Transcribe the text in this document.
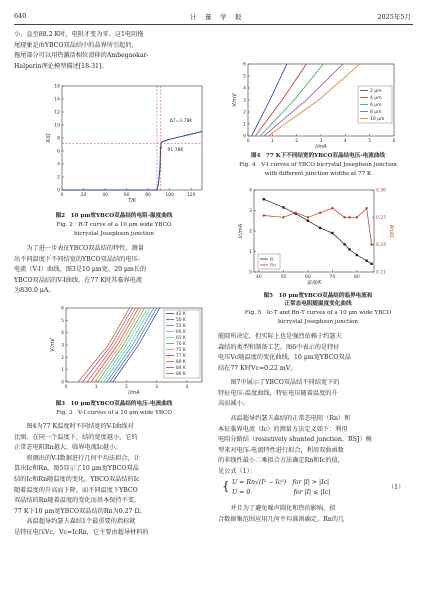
640	计　量　学　报	2025年5月
小，直至88.2 K时，电阻才变为零。这1电阻拖
尾现象是由YBCO双晶结中的晶界所引起的，
拖尾部分可以用热激活相位滑移的Ambegaokar-
Halperin理论模型描述[18-31]。
0	20	40	60	80	100	120
0
2
4
6
8
10
12
14
16
T/K
R/Ω
ΔT=3.78K
91.78K
图2　10 μm宽YBCO双晶结的电阻-温度曲线
Fig. 2　R-T curve of a 10 μm wide YBCO
bicrystal Josephson junction
　　为了进一步表征YBCO双晶结的特性，测量
出不同温度下不同结宽的YBCO双晶结的电压-
电流（V-I）曲线。图3是10 μm宽，20 μm长的
YBCO双晶结的V-I曲线，在77 K时其临界电流
为830.0 μA。
0	1	2	3	4
0
1
2
3
4
5
6
I/mA
V/mV
42 K
50 K
55 K
60 K
65 K
70 K
75 K
77 K
80 K
84 K
86 K
图3　10 μm宽YBCO双晶结的电压-电流曲线
Fig. 3　V-I curves of a 10 μm wide YBCO
　　图4为77 K温度时不同结宽的V-I曲线对
比图。在同一个温度下，结的宽度越小，它的
正常态电阻Rn越大，临界电流Ic越小。
　　将测出的V-I数据进行几何平均法拟合，计
算出Ic和Rn。图5显示了10 μm宽YBCO双晶
结的Ic和Rn随温度的变化。YBCO双晶结的Ic
随着温度的升高而下降，而不同温度下YBCO
双晶结的Rn随着温度的变化而基本保持不变。
77 K下10 μm宽YBCO双晶结的Rn为0.27 Ω。
　　高温超导约瑟夫森结1个最重要的指标就
是特征电压Vc，Vc=IcRn，它主要由超导材料的
0	1	2	3	4	5	6
0
1
2
3
4
5
6
I/mA
V/mV
2 μm
4 μm
6 μm
8 μm
10 μm
图4　77 K下不同结宽的YBCO双晶结电压-电流曲线
Fig. 4　V-I curves of YBCO bicrystal Josephson junction
with different junction widths at 77 K
40	50	60	70	80
0
1
2
3
4
温度/K
Ic/mA
0.21
0.24
0.27
0.30
Rn/Ω
Ic
Rn
图5　10 μm宽YBCO双晶结的临界电流和
正常态电阻随温度变化曲线
Fig. 5　Ic-T and Rn-T curves of a 10 μm wide YBCO
bicrystal Josephson junction
能隙所决定，但实际上也是强烈依赖于约瑟夫
森结的类型和制备工艺。图6中表示的是特征
电压Vc随温度的变化曲线，10 μm宽YBCO双晶
结在77 K时Vc=0.22 mV。
　　图7中展示了YBCO双晶结不同结宽下的
特征电压-温度曲线，特征电压随着温度的升
高而减小。
　　高温超导约瑟夫森结的正常态电阻（Rn）和
本征临界电流（Ic）的测量方法定义如下：利用
电阻分路结（resistively shunted junction，RSJ）模
型来对电压-电流特性进行拟合，利用双曲函数
的非线性最小二乘拟合方法确定Rn和Ic的值，
见公式（1）：
{ U = Rn√(I² − Ic²)　for |I| > |Ic|
U = 0　　　　　　　for |I| ≤ |Ic|
（1）
　　并且为了避免噪声圆化和热的影响，拟
合数据集范围应用几何平均准则确定。Rn的几
